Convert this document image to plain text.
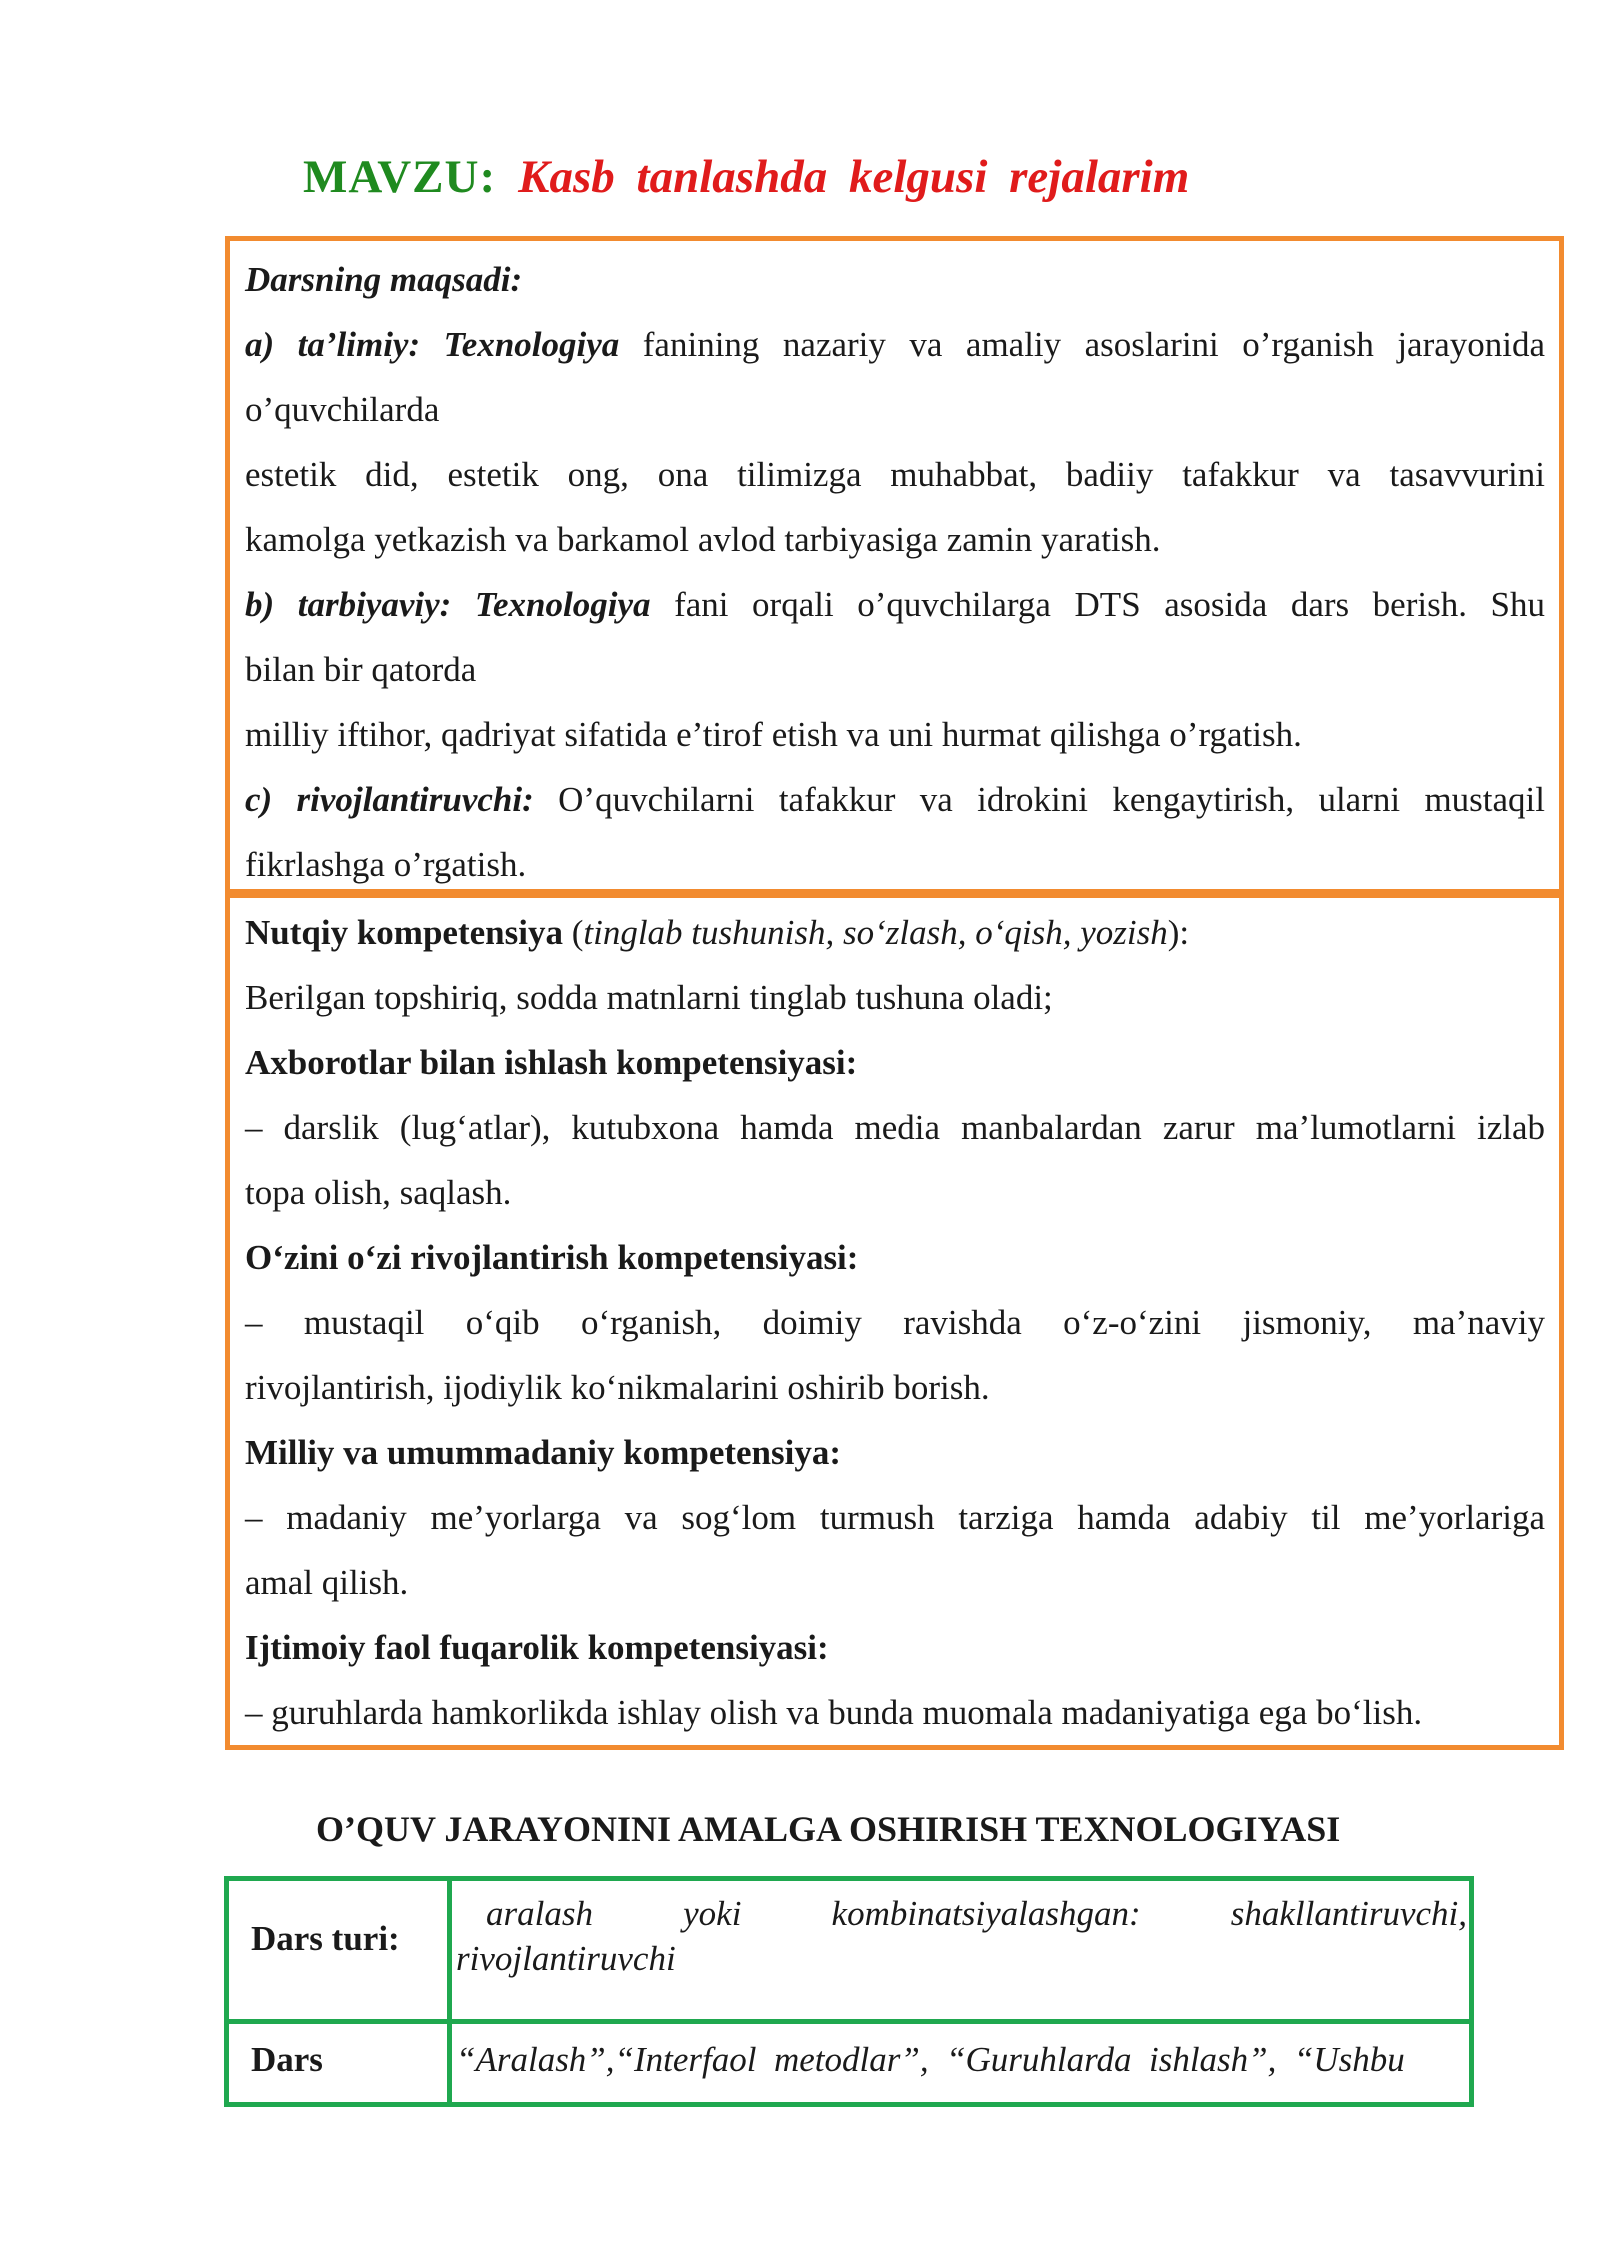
MAVZU: Kasb tanlashda kelgusi rejalarim
Darsning maqsadi:
a) ta’limiy: Texnologiya fanining nazariy va amaliy asoslarini o’rganish jarayonida
o’quvchilarda
estetik did, estetik ong, ona tilimizga muhabbat, badiiy tafakkur va tasavvurini
kamolga yetkazish va barkamol avlod tarbiyasiga zamin yaratish.
b) tarbiyaviy: Texnologiya fani orqali o’quvchilarga DTS asosida dars berish. Shu
bilan bir qatorda
milliy iftihor, qadriyat sifatida e’tirof etish va uni hurmat qilishga o’rgatish.
c) rivojlantiruvchi: O’quvchilarni tafakkur va idrokini kengaytirish, ularni mustaqil
fikrlashga o’rgatish.
Nutqiy kompetensiya (tinglab tushunish, so‘zlash, o‘qish, yozish):
Berilgan topshiriq, sodda matnlarni tinglab tushuna oladi;
Axborotlar bilan ishlash kompetensiyasi:
– darslik (lug‘atlar), kutubxona hamda media manbalardan zarur ma’lumotlarni izlab
topa olish, saqlash.
O‘zini o‘zi rivojlantirish kompetensiyasi:
– mustaqil o‘qib o‘rganish, doimiy ravishda o‘z-o‘zini jismoniy, ma’naviy
rivojlantirish, ijodiylik ko‘nikmalarini oshirib borish.
Milliy va umummadaniy kompetensiya:
– madaniy me’yorlarga va sog‘lom turmush tarziga hamda adabiy til me’yorlariga
amal qilish.
Ijtimoiy faol fuqarolik kompetensiyasi:
– guruhlarda hamkorlikda ishlay olish va bunda muomala madaniyatiga ega bo‘lish.
O’QUV JARAYONINI AMALGA OSHIRISH TEXNOLOGIYASI
Dars turi:	aralash   yoki   kombinatsiyalashgan:   shakllantiruvchi,
rivojlantiruvchi

Dars	“Aralash”,“Interfaol  metodlar”,  “Guruhlarda  ishlash”,  “Ushbu
